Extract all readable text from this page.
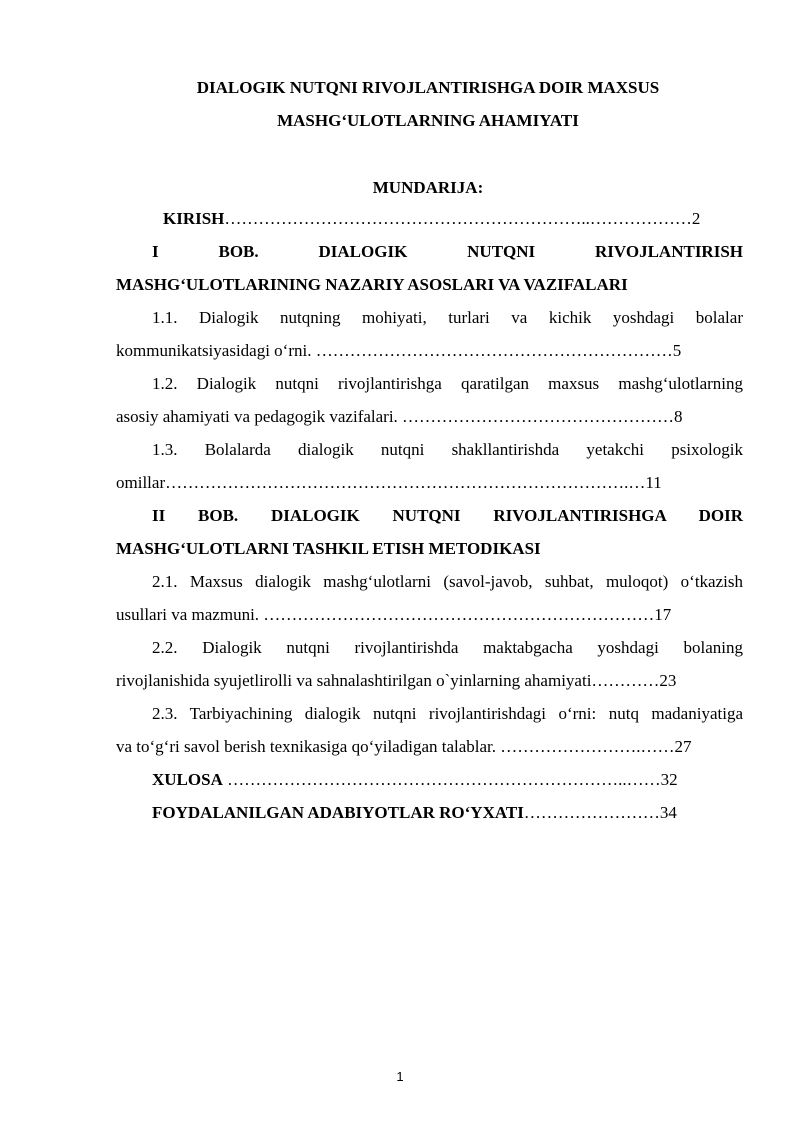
DIALOGIK NUTQNI RIVOJLANTIRISHGA DOIR MAXSUS
MASHG‘ULOTLARNING AHAMIYATI
MUNDARIJA:
KIRISH………………………………………………………..………………2
I	BOB.	DIALOGIK	NUTQNI	RIVOJLANTIRISH
MASHG‘ULOTLARINING NAZARIY ASOSLARI VA VAZIFALARI
1.1. Dialogik nutqning mohiyati, turlari va kichik yoshdagi bolalar
kommunikatsiyasidagi o‘rni. ………………………………………………………5
1.2. Dialogik nutqni rivojlantirishga qaratilgan maxsus mashg‘ulotlarning
asosiy ahamiyati va pedagogik vazifalari. …………………………………………8
1.3. Bolalarda dialogik nutqni shakllantirishda yetakchi psixologik
omillar……………………………………………………………………….…11
II BOB. DIALOGIK NUTQNI RIVOJLANTIRISHGA DOIR
MASHG‘ULOTLARNI TASHKIL ETISH METODIKASI
2.1. Maxsus dialogik mashg‘ulotlarni (savol-javob, suhbat, muloqot) o‘tkazish
usullari va mazmuni. ……………………………………………………………17
2.2. Dialogik nutqni rivojlantirishda maktabgacha yoshdagi bolaning
rivojlanishida syujetlirolli va sahnalashtirilgan o`yinlarning ahamiyati…………23
2.3. Tarbiyachining dialogik nutqni rivojlantirishdagi o‘rni: nutq madaniyatiga
va to‘g‘ri savol berish texnikasiga qo‘yiladigan talablar. …………………….……27
XULOSA ……………………………………………………………..……32
FOYDALANILGAN ADABIYOTLAR RO‘YXATI……………………34
1
